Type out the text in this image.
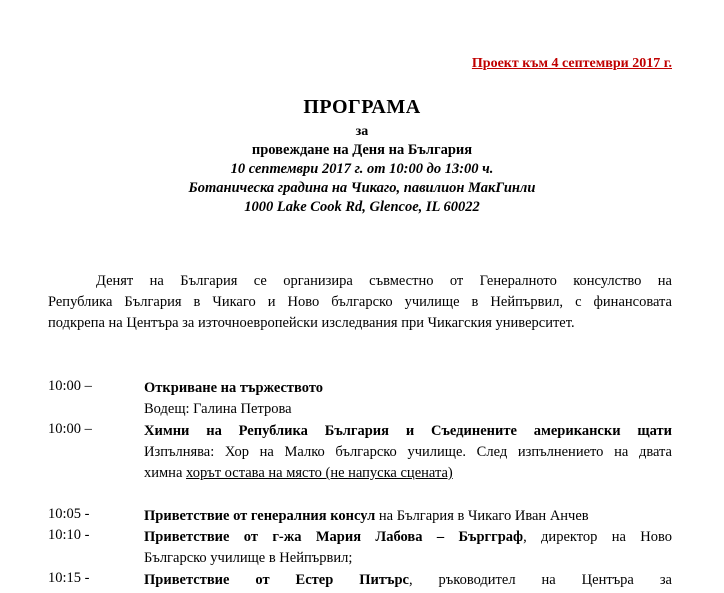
Проект към 4 септември 2017 г.
ПРОГРАМА
за
провеждане на Деня на България
10 септември 2017 г. от 10:00 до 13:00 ч.
Ботаническа градина на Чикаго, павилион МакГинли
1000 Lake Cook Rd, Glencoe, IL 60022
Денят на България се организира съвместно от Генералното консулство на
Република България в Чикаго и Ново българско училище в Нейпървил, с финансовата
подкрепа на Центъра за източноевропейски изследвания при Чикагския университет.
10:00 –	Откриване на тържеството
Водещ: Галина Петрова
10:00 –	Химни на Република България и Съединените американски щати
Изпълнява: Хор на Малко българско училище. След изпълнението на двата
химна хорът остава на място (не напуска сцената)
10:05 -	Приветствие от генералния консул на България в Чикаго Иван Анчев
10:10 -	Приветствие от г-жа Мария Лабова – Бъргграф, директор на Ново
Българско училище в Нейпървил;
10:15 -	Приветствие от Естер Питърс, ръководител на Центъра за
